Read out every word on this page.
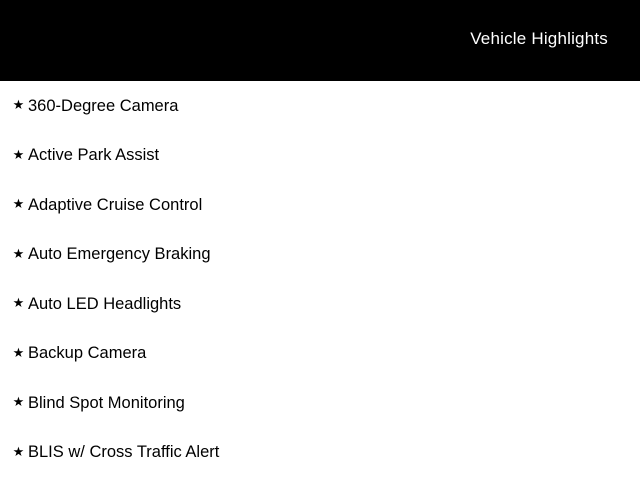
Vehicle Highlights
★ 360-Degree Camera
★ Active Park Assist
★ Adaptive Cruise Control
★ Auto Emergency Braking
★ Auto LED Headlights
★ Backup Camera
★ Blind Spot Monitoring
★ BLIS w/ Cross Traffic Alert
